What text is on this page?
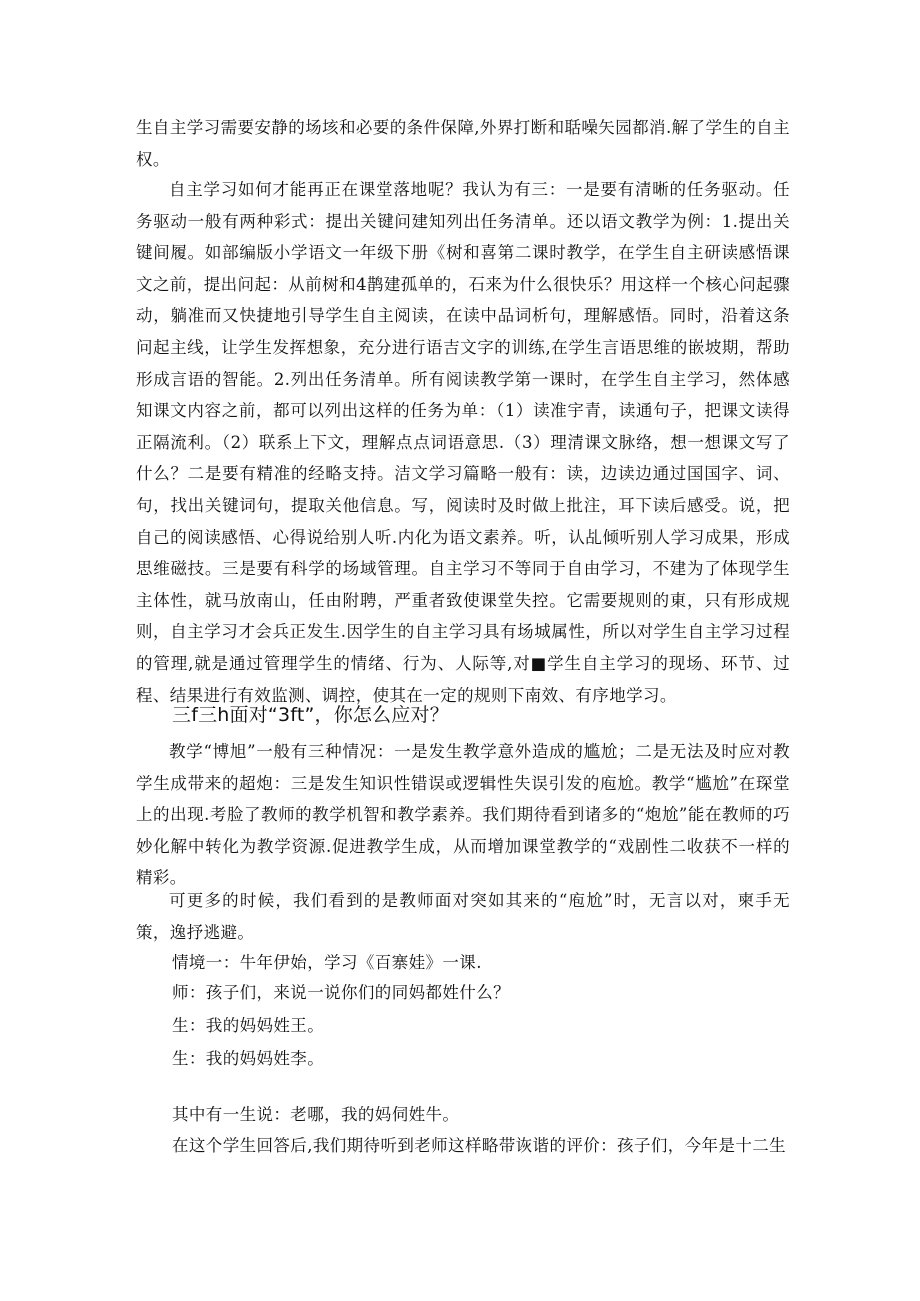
生自主学习需要安静的场垓和必要的条件保障,外界打断和聒噪矢园都消.解了学生的自主权。

自主学习如何才能再正在课堂落地呢？我认为有三：一是要有清晰的任务驱动。任务驱动一般有两种彩式：提出关键问建知列出任务清单。还以语文教学为例：1.提出关键间履。如部编版小学语文一年级下册《树和喜第二课时教学，在学生自主研读感悟课文之前，提出问起：从前树和4鹊建孤单的，石来为什么很快乐？用这样一个核心问起骤动，躺准而又快捷地引导学生自主阅读，在读中品词析句，理解感悟。同时，沿着这条问起主线，让学生发挥想象，充分进行语吉文字的训练,在学生言语思维的嵌坡期，帮助形成言语的智能。2.列出任务清单。所有阅读教学第一课时，在学生自主学习，然体感知课文内容之前，都可以列出这样的任务为单：（1）读准宇青，读通句子，把课文读得正隔流利。（2）联系上下文，理解点点词语意思.（3）理清课文脉络，想一想课文写了什么？二是要有精准的经略支持。洁文学习篇略一般有：读，边读边通过国国字、词、句，找出关键词句，提取关他信息。写，阅读时及时做上批注，耳下读后感受。说，把自己的阅读感悟、心得说给别人听.内化为语文素养。听，认乩倾听别人学习成果，形成思维磁技。三是要有科学的场域管理。自主学习不等同于自由学习，不建为了体现学生主体性，就马放南山，任由附聘，严重者致使课堂失控。它需要规则的東，只有形成规则，自主学习才会兵正发生.因学生的自主学习具有场城属性，所以对学生自主学习过程的管理,就是通过管理学生的情绪、行为、人际等,对■学生自主学习的现场、环节、过程、结果进行有效监测、调控，使其在一定的规则下南效、有序地学习。

三f三h面对“3ft”，你怎么应对？

教学“博旭”一般有三种情况：一是发生教学意外造成的尴尬；二是无法及时应对教学生成带来的超炮：三是发生知识性错误或逻辑性失误引发的庖尬。教学“尴尬”在琛堂上的出现.考脸了教师的教学机智和教学素养。我们期待看到诸多的“炮尬”能在教师的巧妙化解中转化为教学资源.促进教学生成，从而增加课堂教学的“戏剧性二收获不一样的精彩。

可更多的时候，我们看到的是教师面对突如其来的“庖尬”时，无言以对，柬手无策，逸抒逃避。

情境一：牛年伊始，学习《百寨娃》一课.
师：孩子们，来说一说你们的同妈都姓什么？
生：我的妈妈姓王。
生：我的妈妈姓李。
其中有一生说：老哪，我的妈伺姓牛。
在这个学生回答后,我们期待听到老师这样略带诙谐的评价：孩子们，今年是十二生
